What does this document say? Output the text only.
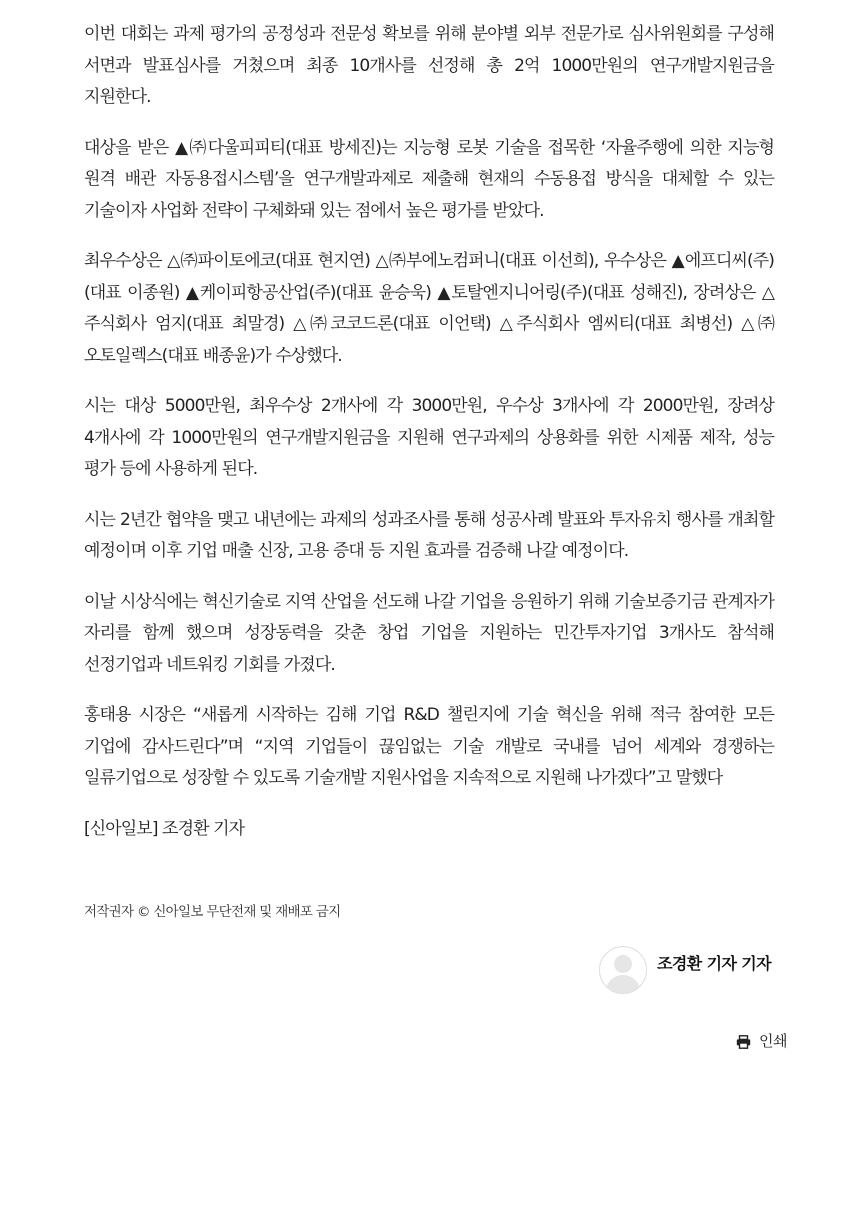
이번 대회는 과제 평가의 공정성과 전문성 확보를 위해 분야별 외부 전문가로 심사위원회를 구성해 서면과 발표심사를 거쳤으며 최종 10개사를 선정해 총 2억 1000만원의 연구개발지원금을 지원한다.

대상을 받은 ▲㈜다울피피티(대표 방세진)는 지능형 로봇 기술을 접목한 ‘자율주행에 의한 지능형 원격 배관 자동용접시스템’을 연구개발과제로 제출해 현재의 수동용접 방식을 대체할 수 있는 기술이자 사업화 전략이 구체화돼 있는 점에서 높은 평가를 받았다.

최우수상은 △㈜파이토에코(대표 현지연) △㈜부에노컴퍼니(대표 이선희), 우수상은 ▲에프디씨(주)(대표 이종원) ▲케이피항공산업(주)(대표 윤승욱) ▲토탈엔지니어링(주)(대표 성해진), 장려상은 △주식회사 엄지(대표 최말경) △㈜코코드론(대표 이언택) △주식회사 엠씨티(대표 최병선) △㈜오토일렉스(대표 배종윤)가 수상했다.

시는 대상 5000만원, 최우수상 2개사에 각 3000만원, 우수상 3개사에 각 2000만원, 장려상 4개사에 각 1000만원의 연구개발지원금을 지원해 연구과제의 상용화를 위한 시제품 제작, 성능 평가 등에 사용하게 된다.

시는 2년간 협약을 맺고 내년에는 과제의 성과조사를 통해 성공사례 발표와 투자유치 행사를 개최할 예정이며 이후 기업 매출 신장, 고용 증대 등 지원 효과를 검증해 나갈 예정이다.

이날 시상식에는 혁신기술로 지역 산업을 선도해 나갈 기업을 응원하기 위해 기술보증기금 관계자가 자리를 함께 했으며 성장동력을 갖춘 창업 기업을 지원하는 민간투자기업 3개사도 참석해 선정기업과 네트워킹 기회를 가졌다.

홍태용 시장은 “새롭게 시작하는 김해 기업 R&D 챌린지에 기술 혁신을 위해 적극 참여한 모든 기업에 감사드린다”며 “지역 기업들이 끊임없는 기술 개발로 국내를 넘어 세계와 경쟁하는 일류기업으로 성장할 수 있도록 기술개발 지원사업을 지속적으로 지원해 나가겠다”고 말했다

[신아일보] 조경환 기자

저작권자 © 신아일보 무단전재 및 재배포 금지
조경환 기자 기자
인쇄
